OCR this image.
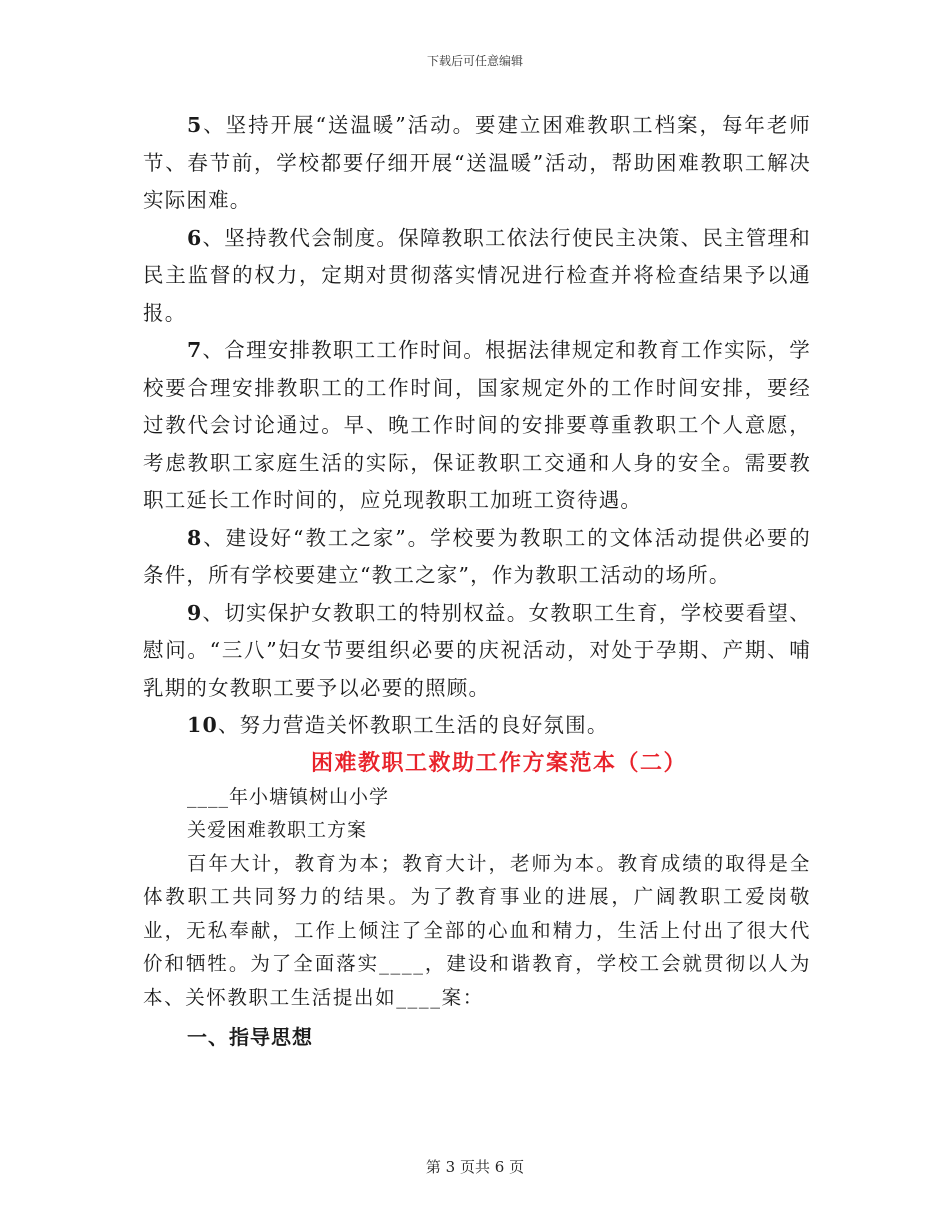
下载后可任意编辑

5、坚持开展“送温暖”活动。要建立困难教职工档案，每年老师节、春节前，学校都要仔细开展“送温暖”活动，帮助困难教职工解决实际困难。

6、坚持教代会制度。保障教职工依法行使民主决策、民主管理和民主监督的权力，定期对贯彻落实情况进行检查并将检查结果予以通报。

7、合理安排教职工工作时间。根据法律规定和教育工作实际，学校要合理安排教职工的工作时间，国家规定外的工作时间安排，要经过教代会讨论通过。早、晚工作时间的安排要尊重教职工个人意愿，考虑教职工家庭生活的实际，保证教职工交通和人身的安全。需要教职工延长工作时间的，应兑现教职工加班工资待遇。

8、建设好“教工之家”。学校要为教职工的文体活动提供必要的条件，所有学校要建立“教工之家”，作为教职工活动的场所。

9、切实保护女教职工的特别权益。女教职工生育，学校要看望、慰问。“三八”妇女节要组织必要的庆祝活动，对处于孕期、产期、哺乳期的女教职工要予以必要的照顾。

10、努力营造关怀教职工生活的良好氛围。

困难教职工救助工作方案范本（二）

____年小塘镇树山小学

关爱困难教职工方案

百年大计，教育为本；教育大计，老师为本。教育成绩的取得是全体教职工共同努力的结果。为了教育事业的进展，广阔教职工爱岗敬业，无私奉献，工作上倾注了全部的心血和精力，生活上付出了很大代价和牺牲。为了全面落实____，建设和谐教育，学校工会就贯彻以人为本、关怀教职工生活提出如____案：

一、指导思想
第 3 页共 6 页
